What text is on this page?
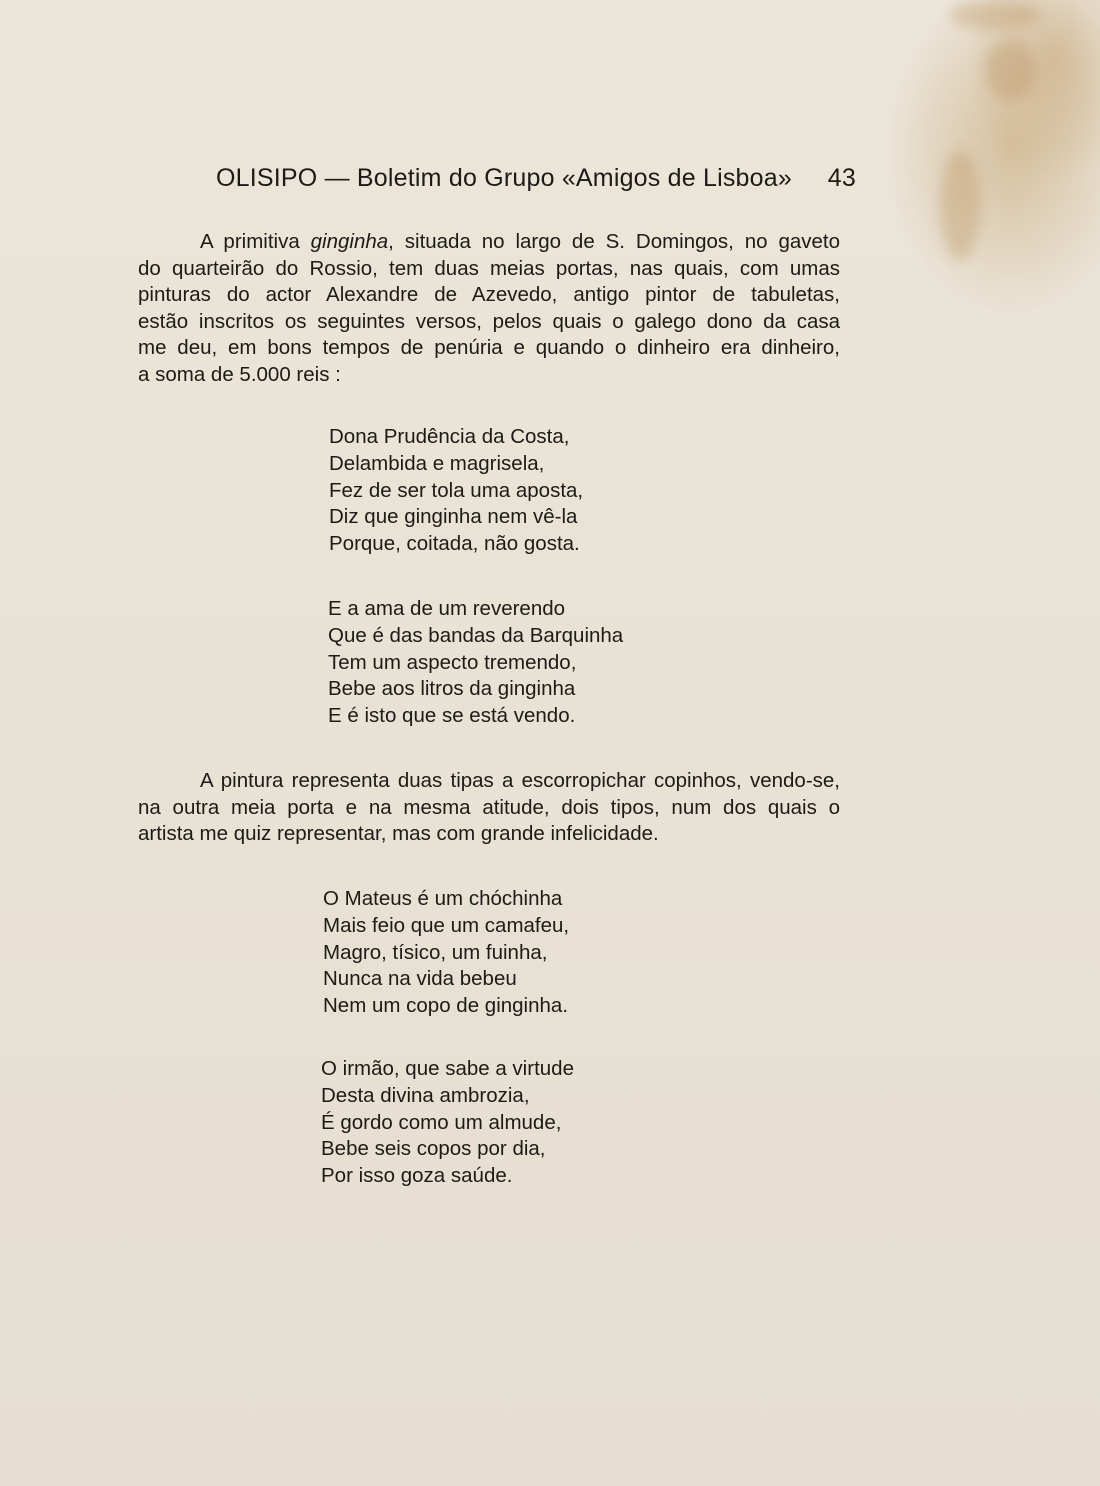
OLISIPO — Boletim do Grupo «Amigos de Lisboa» 43
A primitiva ginginha, situada no largo de S. Domingos, no gaveto
do quarteirão do Rossio, tem duas meias portas, nas quais, com umas
pinturas do actor Alexandre de Azevedo, antigo pintor de tabuletas,
estão inscritos os seguintes versos, pelos quais o galego dono da casa
me deu, em bons tempos de penúria e quando o dinheiro era dinheiro,
a soma de 5.000 reis :
Dona Prudência da Costa,
Delambida e magrisela,
Fez de ser tola uma aposta,
Diz que ginginha nem vê-la
Porque, coitada, não gosta.
E a ama de um reverendo
Que é das bandas da Barquinha
Tem um aspecto tremendo,
Bebe aos litros da ginginha
E é isto que se está vendo.
A pintura representa duas tipas a escorropichar copinhos, vendo-se,
na outra meia porta e na mesma atitude, dois tipos, num dos quais o
artista me quiz representar, mas com grande infelicidade.
O Mateus é um chóchinha
Mais feio que um camafeu,
Magro, tísico, um fuinha,
Nunca na vida bebeu
Nem um copo de ginginha.
O irmão, que sabe a virtude
Desta divina ambrozia,
É gordo como um almude,
Bebe seis copos por dia,
Por isso goza saúde.
